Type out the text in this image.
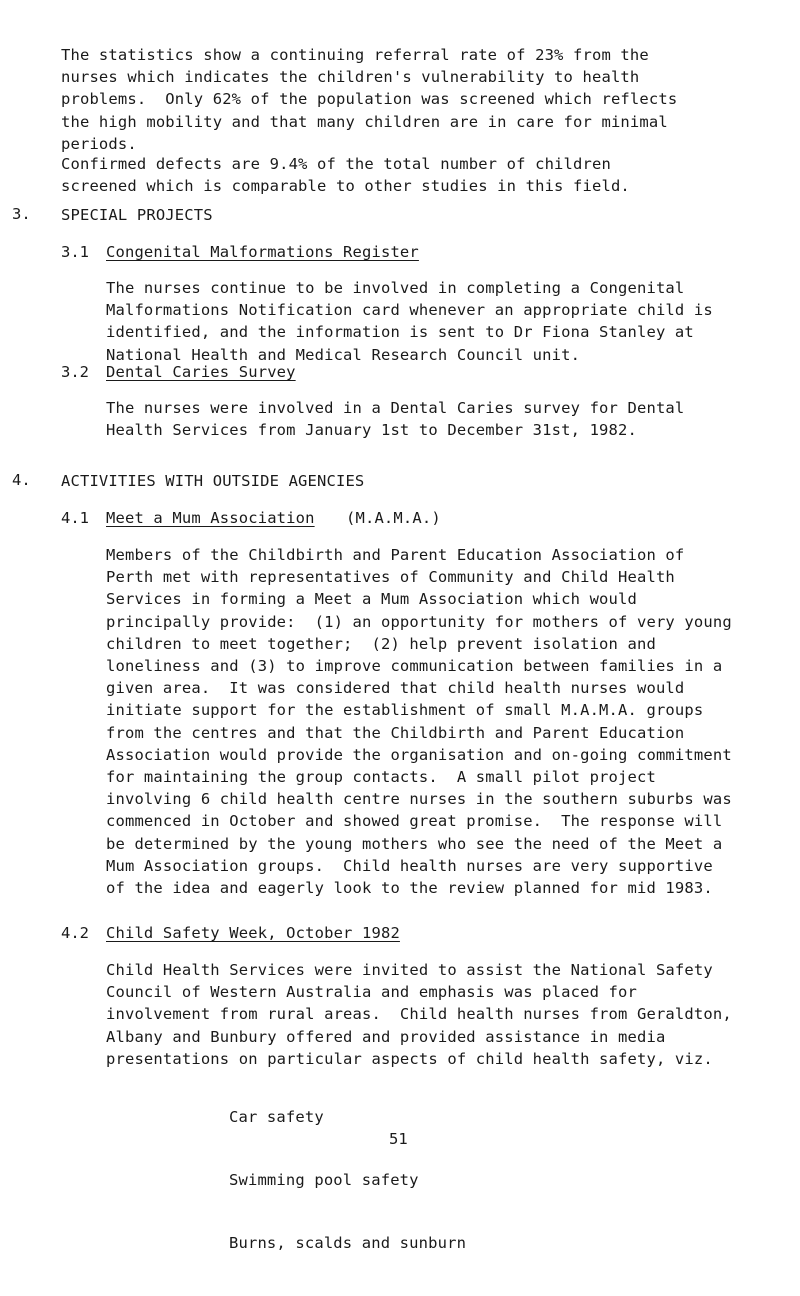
The statistics show a continuing referral rate of 23% from the
nurses which indicates the children's vulnerability to health
problems.  Only 62% of the population was screened which reflects
the high mobility and that many children are in care for minimal
periods.
Confirmed defects are 9.4% of the total number of children
screened which is comparable to other studies in this field.
3. SPECIAL PROJECTS
3.1 Congenital Malformations Register
The nurses continue to be involved in completing a Congenital
Malformations Notification card whenever an appropriate child is
identified, and the information is sent to Dr Fiona Stanley at
National Health and Medical Research Council unit.
3.2 Dental Caries Survey
The nurses were involved in a Dental Caries survey for Dental
Health Services from January 1st to December 31st, 1982.
4. ACTIVITIES WITH OUTSIDE AGENCIES
4.1 Meet a Mum Association (M.A.M.A.)
Members of the Childbirth and Parent Education Association of
Perth met with representatives of Community and Child Health
Services in forming a Meet a Mum Association which would
principally provide:  (1) an opportunity for mothers of very young
children to meet together;  (2) help prevent isolation and
loneliness and (3) to improve communication between families in a
given area.  It was considered that child health nurses would
initiate support for the establishment of small M.A.M.A. groups
from the centres and that the Childbirth and Parent Education
Association would provide the organisation and on-going commitment
for maintaining the group contacts.  A small pilot project
involving 6 child health centre nurses in the southern suburbs was
commenced in October and showed great promise.  The response will
be determined by the young mothers who see the need of the Meet a
Mum Association groups.  Child health nurses are very supportive
of the idea and eagerly look to the review planned for mid 1983.
4.2 Child Safety Week, October 1982
Child Health Services were invited to assist the National Safety
Council of Western Australia and emphasis was placed for
involvement from rural areas.  Child health nurses from Geraldton,
Albany and Bunbury offered and provided assistance in media
presentations on particular aspects of child health safety, viz.

Car safety

Swimming pool safety

Burns, scalds and sunburn

51
